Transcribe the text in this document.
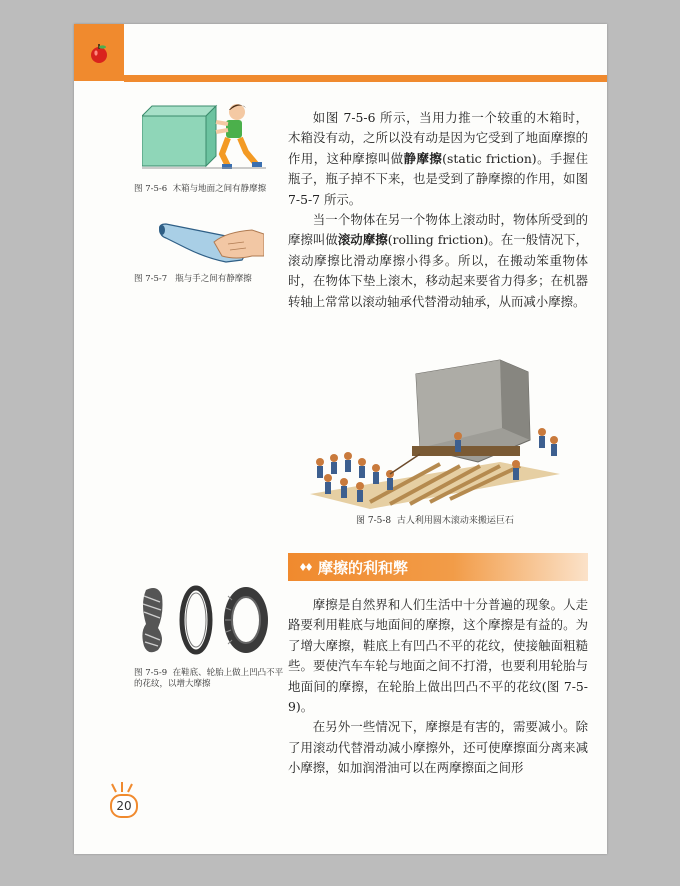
图 7-5-6 木箱与地面之间有静摩擦
图 7-5-7 瓶与手之间有静摩擦

如图 7-5-6 所示，当用力推一个较重的木箱时，木箱没有动，之所以没有动是因为它受到了地面摩擦的作用，这种摩擦叫做静摩擦(static friction)。手握住瓶子，瓶子掉不下来，也是受到了静摩擦的作用，如图 7-5-7 所示。

当一个物体在另一个物体上滚动时，物体所受到的摩擦叫做滚动摩擦(rolling friction)。在一般情况下，滚动摩擦比滑动摩擦小得多。所以，在搬动笨重物体时，在物体下垫上滚木，移动起来要省力得多；在机器转轴上常常以滚动轴承代替滑动轴承，从而减小摩擦。

图 7-5-8 古人利用圆木滚动来搬运巨石
摩擦的利和弊
图 7-5-9 在鞋底、轮胎上做上凹凸不平的花纹，以增大摩擦

摩擦是自然界和人们生活中十分普遍的现象。人走路要利用鞋底与地面间的摩擦，这个摩擦是有益的。为了增大摩擦，鞋底上有凹凸不平的花纹，使接触面粗糙些。要使汽车车轮与地面之间不打滑，也要利用轮胎与地面间的摩擦，在轮胎上做出凹凸不平的花纹(图 7-5-9)。

在另外一些情况下，摩擦是有害的，需要减小。除了用滚动代替滑动减小摩擦外，还可使摩擦面分离来减小摩擦，如加润滑油可以在两摩擦面之间形

20
